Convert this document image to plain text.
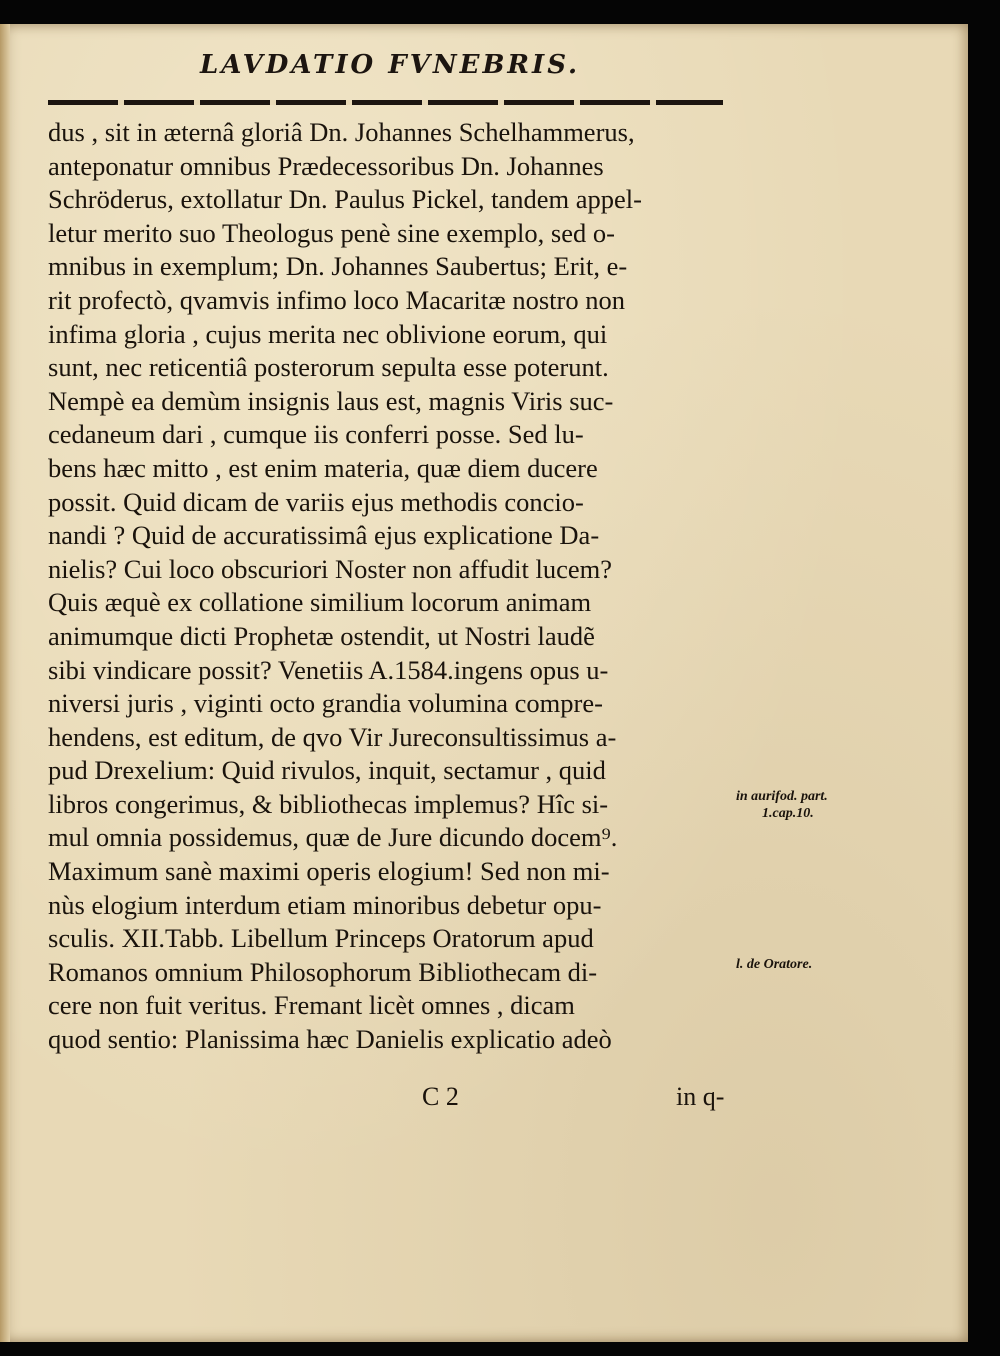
LAVDATIO FVNEBRIS.
dus , sit in æternâ gloriâ Dn. Johannes Schelhammerus,
anteponatur omnibus Prædecessoribus Dn. Johannes
Schröderus, extollatur Dn. Paulus Pickel, tandem appel-
letur merito suo Theologus penè sine exemplo, sed o-
mnibus in exemplum; Dn. Johannes Saubertus; Erit, e-
rit profectò, qvamvis infimo loco Macaritæ nostro non
infima gloria , cujus merita nec oblivione eorum, qui
sunt, nec reticentiâ posterorum sepulta esse poterunt.
Nempè ea demùm insignis laus est, magnis Viris suc-
cedaneum dari , cumque iis conferri posse. Sed lu-
bens hæc mitto , est enim materia, quæ diem ducere
possit. Quid dicam de variis ejus methodis concio-
nandi ? Quid de accuratissimâ ejus explicatione Da-
nielis? Cui loco obscuriori Noster non affudit lucem?
Quis æquè ex collatione similium locorum animam
animumque dicti Prophetæ ostendit, ut Nostri laudẽ
sibi vindicare possit? Venetiis A.1584.ingens opus u-
niversi juris , viginti octo grandia volumina compre-
hendens, est editum, de qvo Vir Jureconsultissimus a-
pud Drexelium: Quid rivulos, inquit, sectamur , quid
libros congerimus, & bibliothecas implemus? Hîc si-
mul omnia possidemus, quæ de Jure dicundo docem⁹.
Maximum sanè maximi operis elogium! Sed non mi-
nùs elogium interdum etiam minoribus debetur opu-
sculis. XII.Tabb. Libellum Princeps Oratorum apud
Romanos omnium Philosophorum Bibliothecam di-
cere non fuit veritus. Fremant licèt omnes , dicam
quod sentio: Planissima hæc Danielis explicatio adeò
in aurifod. part.
1.cap.10.
l. de Oratore.
C 2	in q-
